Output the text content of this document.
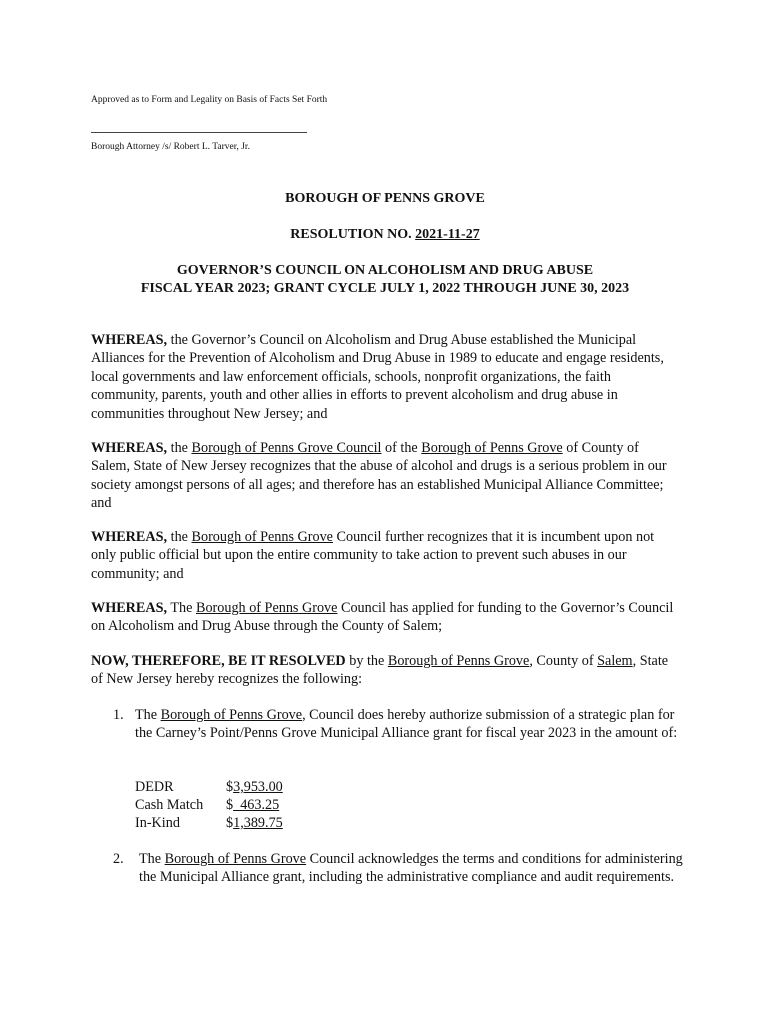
Approved as to Form and Legality on Basis of Facts Set Forth
Borough Attorney /s/ Robert L. Tarver, Jr.
BOROUGH OF PENNS GROVE
RESOLUTION NO. 2021-11-27
GOVERNOR’S COUNCIL ON ALCOHOLISM AND DRUG ABUSE
FISCAL YEAR 2023; GRANT CYCLE JULY 1, 2022 THROUGH JUNE 30, 2023
WHEREAS, the Governor’s Council on Alcoholism and Drug Abuse established the Municipal Alliances for the Prevention of Alcoholism and Drug Abuse in 1989 to educate and engage residents, local governments and law enforcement officials, schools, nonprofit organizations, the faith community, parents, youth and other allies in efforts to prevent alcoholism and drug abuse in communities throughout New Jersey; and
WHEREAS, the Borough of Penns Grove Council of the Borough of Penns Grove of County of Salem, State of New Jersey recognizes that the abuse of alcohol and drugs is a serious problem in our society amongst persons of all ages; and therefore has an established Municipal Alliance Committee; and
WHEREAS, the Borough of Penns Grove Council further recognizes that it is incumbent upon not only public official but upon the entire community to take action to prevent such abuses in our community; and
WHEREAS, The Borough of Penns Grove Council has applied for funding to the Governor’s Council on Alcoholism and Drug Abuse through the County of Salem;
NOW, THEREFORE, BE IT RESOLVED by the Borough of Penns Grove, County of Salem, State of New Jersey hereby recognizes the following:
1. The Borough of Penns Grove, Council does hereby authorize submission of a strategic plan for the Carney’s Point/Penns Grove Municipal Alliance grant for fiscal year 2023 in the amount of:
DEDR	$3,953.00
Cash Match $  463.25
In-Kind	$1,389.75
2. The Borough of Penns Grove Council acknowledges the terms and conditions for administering the Municipal Alliance grant, including the administrative compliance and audit requirements.
